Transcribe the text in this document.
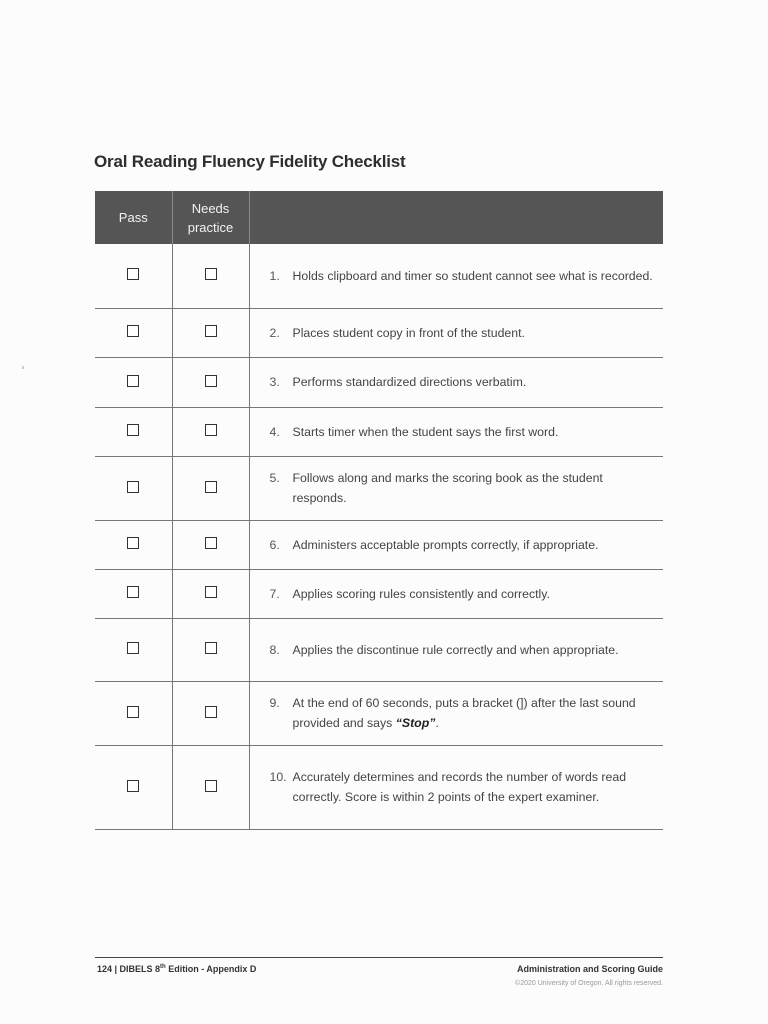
Oral Reading Fluency Fidelity Checklist
Pass	Needs
practice	

		1. Holds clipboard and timer so student cannot see what is recorded.

		2. Places student copy in front of the student.

		3. Performs standardized directions verbatim.

		4. Starts timer when the student says the first word.

		5. Follows along and marks the scoring book as the student responds.

		6. Administers acceptable prompts correctly, if appropriate.

		7. Applies scoring rules consistently and correctly.

		8. Applies the discontinue rule correctly and when appropriate.

		9. At the end of 60 seconds, puts a bracket (]) after the last sound provided and says “Stop”.

		10. Accurately determines and records the number of words read correctly. Score is within 2 points of the expert examiner.
124 | DIBELS 8th Edition - Appendix D	Administration and Scoring Guide
©2020 University of Oregon. All rights reserved.
